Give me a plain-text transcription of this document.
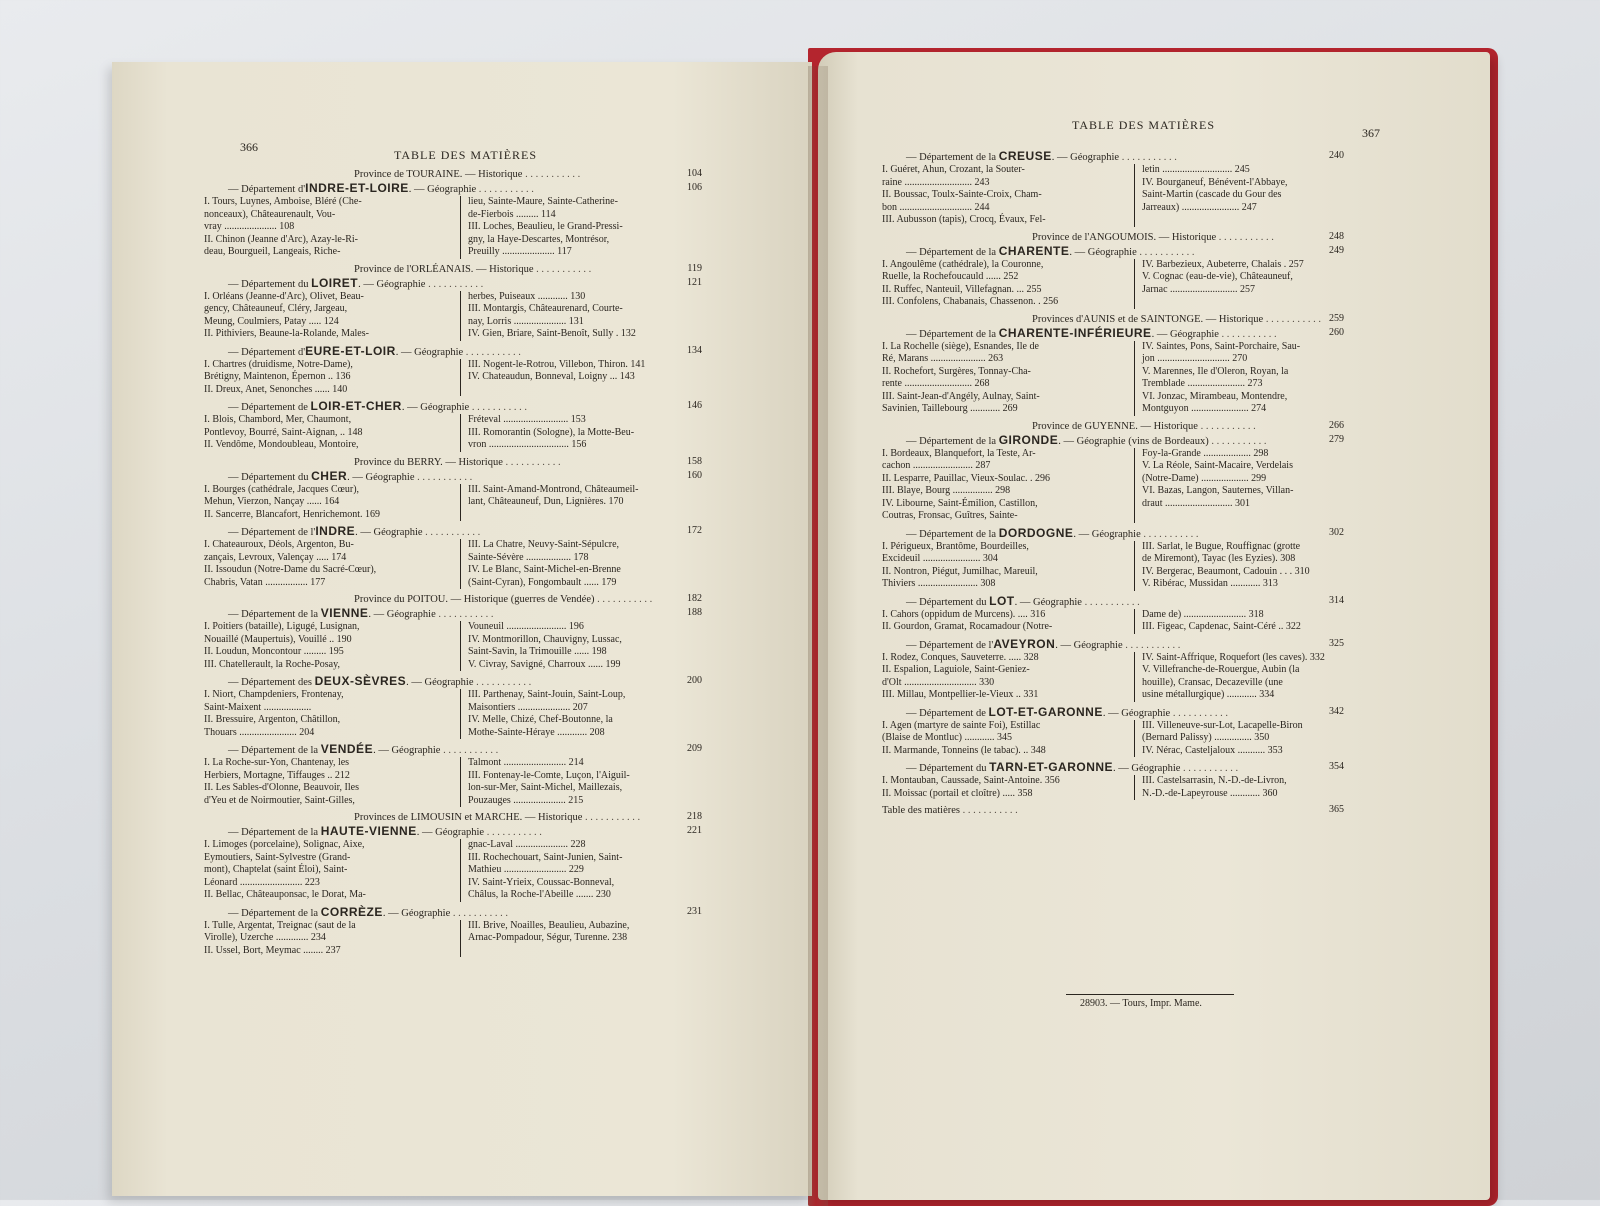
366
TABLE DES MATIÈRES
Province de TOURAINE. — Historique . . . . . . . . . . .	104
— Département d'INDRE-ET-LOIRE. — Géographie . . . . . . . . . . .	106

I. Tours, Luynes, Amboise, Bléré (Che-

nonceaux), Châteaurenault, Vou-

vray ..................... 108

II. Chinon (Jeanne d'Arc), Azay-le-Ri-

deau, Bourgueil, Langeais, Riche-

lieu, Sainte-Maure, Sainte-Catherine-

de-Fierbois ......... 114

III. Loches, Beaulieu, le Grand-Pressi-

gny, la Haye-Descartes, Montrésor,

Preuilly ..................... 117

Province de l'ORLÉANAIS. — Historique . . . . . . . . . . .	119
— Département du LOIRET. — Géographie . . . . . . . . . . .	121

I. Orléans (Jeanne-d'Arc), Olivet, Beau-

gency, Châteauneuf, Cléry, Jargeau,

Meung, Coulmiers, Patay ..... 124

II. Pithiviers, Beaune-la-Rolande, Males-

herbes, Puiseaux ............ 130

III. Montargis, Châteaurenard, Courte-

nay, Lorris ..................... 131

IV. Gien, Briare, Saint-Benoît, Sully . 132

— Département d'EURE-ET-LOIR. — Géographie . . . . . . . . . . .	134

I. Chartres (druidisme, Notre-Dame),

Brétigny, Maintenon, Épernon .. 136

II. Dreux, Anet, Senonches ...... 140

III. Nogent-le-Rotrou, Villebon, Thiron. 141

IV. Chateaudun, Bonneval, Loigny ... 143

— Département de LOIR-ET-CHER. — Géographie . . . . . . . . . . .	146

I. Blois, Chambord, Mer, Chaumont,

Pontlevoy, Bourré, Saint-Aignan, .. 148

II. Vendôme, Mondoubleau, Montoire,

Fréteval .......................... 153

III. Romorantin (Sologne), la Motte-Beu-

vron ................................ 156

Province du BERRY. — Historique . . . . . . . . . . .	158
— Département du CHER. — Géographie . . . . . . . . . . .	160

I. Bourges (cathédrale, Jacques Cœur),

Mehun, Vierzon, Nançay ...... 164

II. Sancerre, Blancafort, Henrichemont. 169

III. Saint-Amand-Montrond, Châteaumeil-

lant, Châteauneuf, Dun, Lignières. 170

— Département de l'INDRE. — Géographie . . . . . . . . . . .	172

I. Chateauroux, Déols, Argenton, Bu-

zançais, Levroux, Valençay ..... 174

II. Issoudun (Notre-Dame du Sacré-Cœur),

Chabris, Vatan ................. 177

III. La Chatre, Neuvy-Saint-Sépulcre,

Sainte-Sévère .................. 178

IV. Le Blanc, Saint-Michel-en-Brenne

(Saint-Cyran), Fongombault ...... 179

Province du POITOU. — Historique (guerres de Vendée) . . . . . . . . . . .	182
— Département de la VIENNE. — Géographie . . . . . . . . . . .	188

I. Poitiers (bataille), Ligugé, Lusignan,

Nouaillé (Maupertuis), Vouillé .. 190

II. Loudun, Moncontour ......... 195

III. Chatellerault, la Roche-Posay,

Vouneuil ........................ 196

IV. Montmorillon, Chauvigny, Lussac,

Saint-Savin, la Trimouille ...... 198

V. Civray, Savigné, Charroux ...... 199

— Département des DEUX-SÈVRES. — Géographie . . . . . . . . . . .	200

I. Niort, Champdeniers, Frontenay,

Saint-Maixent ...................

II. Bressuire, Argenton, Châtillon,

Thouars ....................... 204

III. Parthenay, Saint-Jouin, Saint-Loup,

Maisontiers ..................... 207

IV. Melle, Chizé, Chef-Boutonne, la

Mothe-Sainte-Héraye ............ 208

— Département de la VENDÉE. — Géographie . . . . . . . . . . .	209

I. La Roche-sur-Yon, Chantenay, les

Herbiers, Mortagne, Tiffauges .. 212

II. Les Sables-d'Olonne, Beauvoir, Iles

d'Yeu et de Noirmoutier, Saint-Gilles,

Talmont ......................... 214

III. Fontenay-le-Comte, Luçon, l'Aiguil-

lon-sur-Mer, Saint-Michel, Maillezais,

Pouzauges ..................... 215

Provinces de LIMOUSIN et MARCHE. — Historique . . . . . . . . . . .	218
— Département de la HAUTE-VIENNE. — Géographie . . . . . . . . . . .	221

I. Limoges (porcelaine), Solignac, Aixe,

Eymoutiers, Saint-Sylvestre (Grand-

mont), Chaptelat (saint Éloi), Saint-

Léonard ......................... 223

II. Bellac, Châteauponsac, le Dorat, Ma-

gnac-Laval ..................... 228

III. Rochechouart, Saint-Junien, Saint-

Mathieu ......................... 229

IV. Saint-Yrieix, Coussac-Bonneval,

Châlus, la Roche-l'Abeille ....... 230

— Département de la CORRÈZE. — Géographie . . . . . . . . . . .	231

I. Tulle, Argentat, Treignac (saut de la

Virolle), Uzerche ............. 234

II. Ussel, Bort, Meymac ........ 237

III. Brive, Noailles, Beaulieu, Aubazine,

Arnac-Pompadour, Ségur, Turenne. 238

367
TABLE DES MATIÈRES
— Département de la CREUSE. — Géographie . . . . . . . . . . .	240

I. Guéret, Ahun, Crozant, la Souter-

raine ........................... 243

II. Boussac, Toulx-Sainte-Croix, Cham-

bon ............................. 244

III. Aubusson (tapis), Crocq, Évaux, Fel-

letin ............................ 245

IV. Bourganeuf, Bénévent-l'Abbaye,

Saint-Martin (cascade du Gour des

Jarreaux) ....................... 247

Province de l'ANGOUMOIS. — Historique . . . . . . . . . . .	248
— Département de la CHARENTE. — Géographie . . . . . . . . . . .	249

I. Angoulême (cathédrale), la Couronne,

Ruelle, la Rochefoucauld ...... 252

II. Ruffec, Nanteuil, Villefagnan. ... 255

III. Confolens, Chabanais, Chassenon. . 256

IV. Barbezieux, Aubeterre, Chalais . 257

V. Cognac (eau-de-vie), Châteauneuf,

Jarnac ........................... 257

Provinces d'AUNIS et de SAINTONGE. — Historique . . . . . . . . . . . 259
— Département de la CHARENTE-INFÉRIEURE. — Géographie . . . . . . . . . . .	260

I. La Rochelle (siège), Esnandes, Ile de

Ré, Marans ...................... 263

II. Rochefort, Surgères, Tonnay-Cha-

rente ........................... 268

III. Saint-Jean-d'Angély, Aulnay, Saint-

Savinien, Taillebourg ............ 269

IV. Saintes, Pons, Saint-Porchaire, Sau-

jon ............................. 270

V. Marennes, Ile d'Oleron, Royan, la

Tremblade ....................... 273

VI. Jonzac, Mirambeau, Montendre,

Montguyon ....................... 274

Province de GUYENNE. — Historique . . . . . . . . . . .	266
— Département de la GIRONDE. — Géographie (vins de Bordeaux) . . . . . . . . . . .	279

I. Bordeaux, Blanquefort, la Teste, Ar-

cachon ........................ 287

II. Lesparre, Pauillac, Vieux-Soulac. . 296

III. Blaye, Bourg ................ 298

IV. Libourne, Saint-Émilion, Castillon,

Coutras, Fronsac, Guîtres, Sainte-

Foy-la-Grande ................... 298

V. La Réole, Saint-Macaire, Verdelais

(Notre-Dame) ................... 299

VI. Bazas, Langon, Sauternes, Villan-

draut ........................... 301

— Département de la DORDOGNE. — Géographie . . . . . . . . . . .	302

I. Périgueux, Brantôme, Bourdeilles,

Excideuil ....................... 304

II. Nontron, Piégut, Jumilhac, Mareuil,

Thiviers ........................ 308

III. Sarlat, le Bugue, Rouffignac (grotte

de Miremont), Tayac (les Eyzies). 308

IV. Bergerac, Beaumont, Cadouin . . . 310

V. Ribérac, Mussidan ............ 313

— Département du LOT. — Géographie . . . . . . . . . . .	314

I. Cahors (oppidum de Murcens). .... 316

II. Gourdon, Gramat, Rocamadour (Notre-

Dame de) ......................... 318

III. Figeac, Capdenac, Saint-Céré .. 322

— Département de l'AVEYRON. — Géographie . . . . . . . . . . .	325

I. Rodez, Conques, Sauveterre. ..... 328

II. Espalion, Laguiole, Saint-Geniez-

d'Olt ............................. 330

III. Millau, Montpellier-le-Vieux .. 331

IV. Saint-Affrique, Roquefort (les caves). 332

V. Villefranche-de-Rouergue, Aubin (la

houille), Cransac, Decazeville (une

usine métallurgique) ............ 334

— Département de LOT-ET-GARONNE. — Géographie . . . . . . . . . . .	342

I. Agen (martyre de sainte Foi), Estillac

(Blaise de Montluc) ............ 345

II. Marmande, Tonneins (le tabac). .. 348

III. Villeneuve-sur-Lot, Lacapelle-Biron

(Bernard Palissy) ............... 350

IV. Nérac, Casteljaloux ........... 353

— Département du TARN-ET-GARONNE. — Géographie . . . . . . . . . . .	354

I. Montauban, Caussade, Saint-Antoine. 356

II. Moissac (portail et cloître) ..... 358

III. Castelsarrasin, N.-D.-de-Livron,

N.-D.-de-Lapeyrouse ............ 360

Table des matières . . . . . . . . . . .	365
28903. — Tours, Impr. Mame.
